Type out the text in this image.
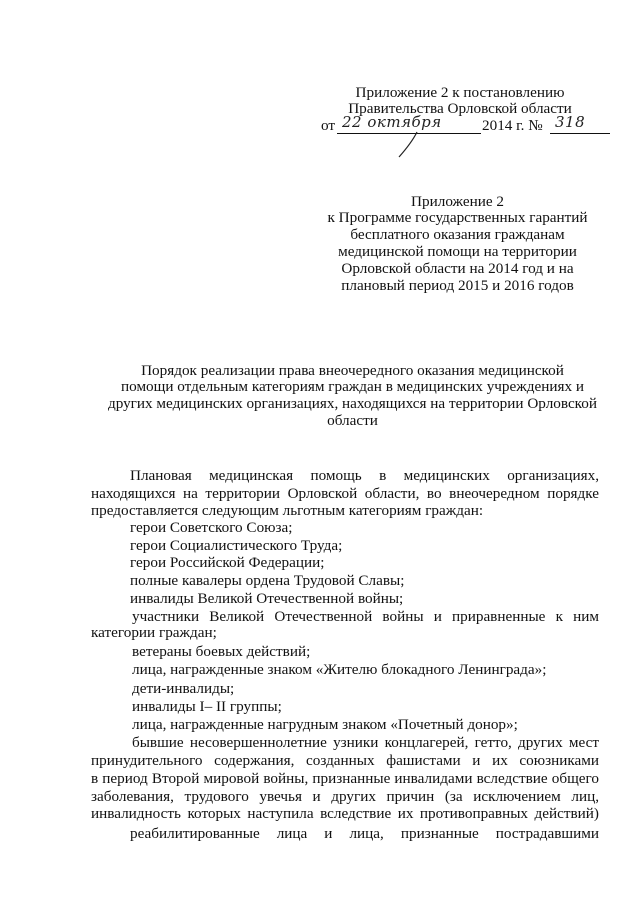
Приложение 2 к постановлению
Правительства Орловской области
от 22 октября	2014 г. № 318
Приложение 2
к Программе государственных гарантий
бесплатного оказания гражданам
медицинской помощи на территории
Орловской области на 2014 год и на
плановый период 2015 и 2016 годов
Порядок реализации права внеочередного оказания медицинской
помощи отдельным категориям граждан в медицинских учреждениях и
других медицинских организациях, находящихся на территории Орловской
области
Плановая медицинская помощь в медицинских организациях,
находящихся на территории Орловской области, во внеочередном порядке
предоставляется следующим льготным категориям граждан:
герои Советского Союза;
герои Социалистического Труда;
герои Российской Федерации;
полные кавалеры ордена Трудовой Славы;
инвалиды Великой Отечественной войны;
участники Великой Отечественной войны и приравненные к ним
категории граждан;
ветераны боевых действий;
лица, награжденные знаком «Жителю блокадного Ленинграда»;
дети-инвалиды;
инвалиды I– II группы;
лица, награжденные нагрудным знаком «Почетный донор»;
бывшие несовершеннолетние узники концлагерей, гетто, других мест
принудительного содержания, созданных фашистами и их союзниками
в период Второй мировой войны, признанные инвалидами вследствие общего
заболевания, трудового увечья и других причин (за исключением лиц,
инвалидность которых наступила вследствие их противоправных действий)
реабилитированные лица и лица, признанные пострадавшими
